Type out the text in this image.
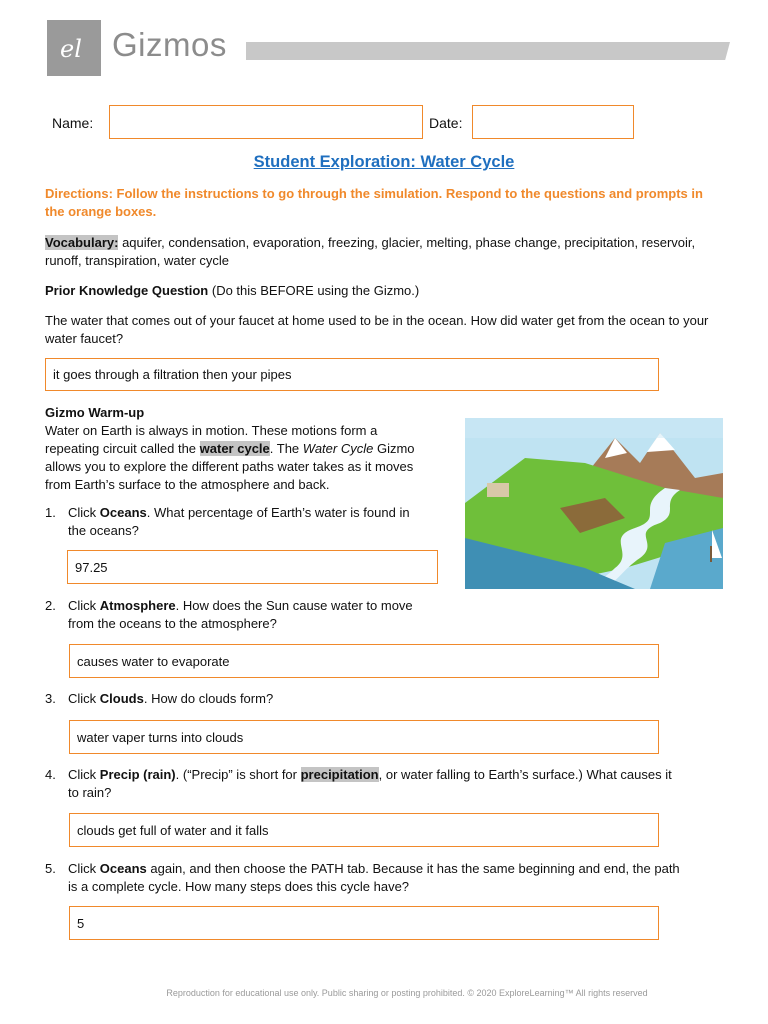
el Gizmos
Name:	Date:
Student Exploration: Water Cycle
Directions: Follow the instructions to go through the simulation. Respond to the questions and prompts in the orange boxes.
Vocabulary: aquifer, condensation, evaporation, freezing, glacier, melting, phase change, precipitation, reservoir, runoff, transpiration, water cycle
Prior Knowledge Question (Do this BEFORE using the Gizmo.)
The water that comes out of your faucet at home used to be in the ocean. How did water get from the ocean to your water faucet?
it goes through a filtration then your pipes
Gizmo Warm-up
Water on Earth is always in motion. These motions form a
repeating circuit called the water cycle. The Water Cycle Gizmo
allows you to explore the different paths water takes as it moves
from Earth’s surface to the atmosphere and back.
1. Click Oceans. What percentage of Earth’s water is found in
the oceans?
97.25
2. Click Atmosphere. How does the Sun cause water to move
from the oceans to the atmosphere?
causes water to evaporate
3. Click Clouds. How do clouds form?
water vaper turns into clouds
4. Click Precip (rain). (“Precip” is short for precipitation, or water falling to Earth’s surface.) What causes it
to rain?
clouds get full of water and it falls
5. Click Oceans again, and then choose the PATH tab. Because it has the same beginning and end, the path
is a complete cycle. How many steps does this cycle have?
5
Reproduction for educational use only. Public sharing or posting prohibited. © 2020 ExploreLearning™ All rights reserved
